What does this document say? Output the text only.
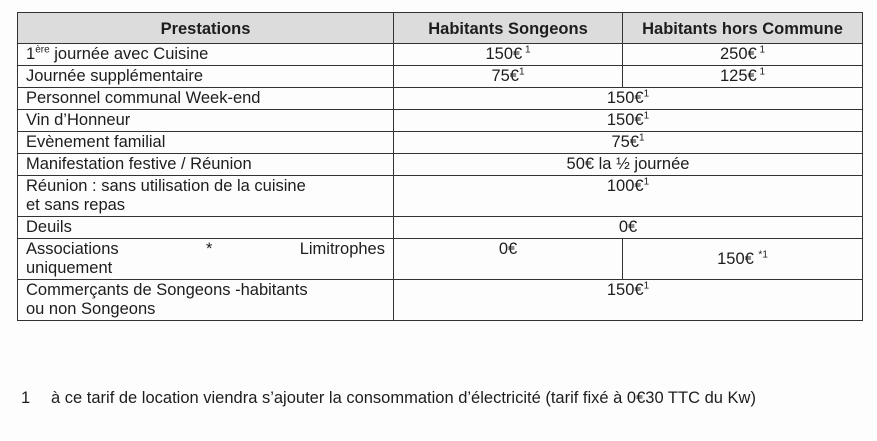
Prestations	Habitants Songeons	Habitants hors Commune
1ère journée avec Cuisine	150€ $^1$	250€ $^1$
Journée supplémentaire	75€$^1$	125€ $^1$
Personnel communal Week-end	150€$^1$
Vin d’Honneur	150€$^1$
Evènement familial	75€$^1$
Manifestation festive / Réunion	50€ la ½ journée	
Réunion : sans utilisation de la cuisine
et sans repas	100€$^1$
Deuils	0€	

Associations * Limitrophes
uniquement	0€	150€ $^{*1}$
Commerçants de Songeons -habitants
ou non Songeons	150€$^1$
1	à ce tarif de location viendra s’ajouter la consommation d’électricité (tarif fixé à 0€30 TTC du Kw)
